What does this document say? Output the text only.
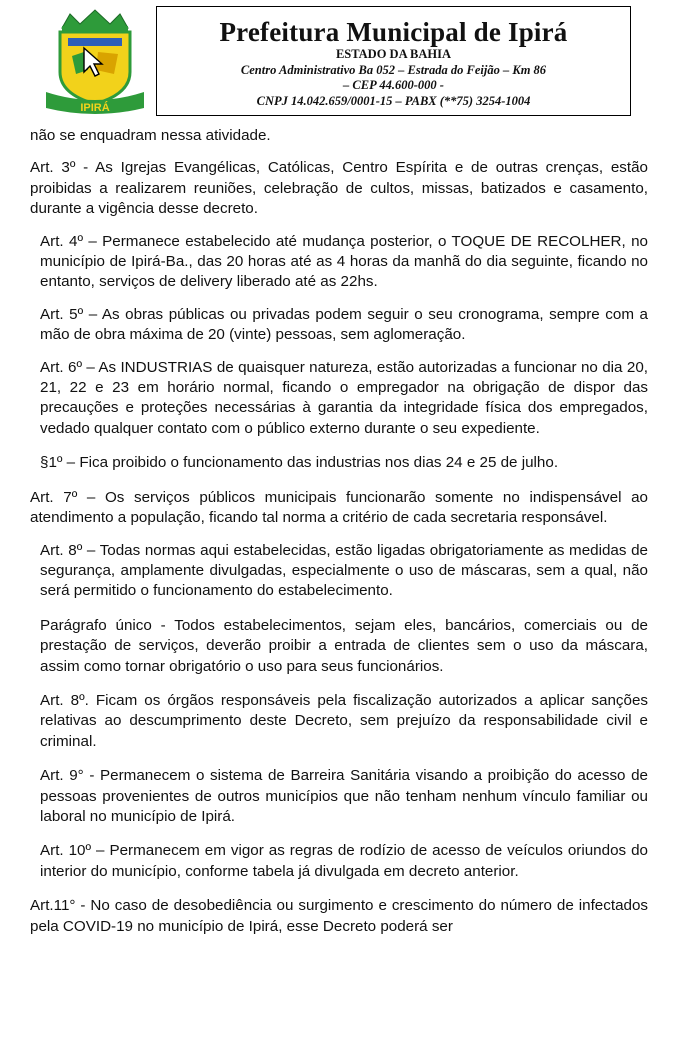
IPIRÁ
Prefeitura Municipal de Ipirá
ESTADO DA BAHIA
Centro Administrativo Ba 052 – Estrada do Feijão – Km 86
– CEP 44.600-000 -
CNPJ 14.042.659/0001-15 – PABX (**75) 3254-1004

não se enquadram nessa atividade.

Art. 3º - As Igrejas Evangélicas, Católicas, Centro Espírita e de outras crenças, estão proibidas a realizarem reuniões, celebração de cultos, missas, batizados e casamento, durante a vigência desse decreto.

Art. 4º – Permanece estabelecido até mudança posterior, o TOQUE DE RECOLHER, no município de Ipirá-Ba., das 20 horas até as 4 horas da manhã do dia seguinte, ficando no entanto, serviços de delivery liberado até as 22hs.

Art. 5º – As obras públicas ou privadas podem seguir o seu cronograma, sempre com a mão de obra máxima de 20 (vinte) pessoas, sem aglomeração.

Art. 6º – As INDUSTRIAS de quaisquer natureza, estão autorizadas a funcionar no dia 20, 21, 22 e 23 em horário normal, ficando o empregador na obrigação de dispor das precauções e proteções necessárias à garantia da integridade física dos empregados, vedado qualquer contato com o público externo durante o seu expediente.

§1º – Fica proibido o funcionamento das industrias nos dias 24 e 25 de julho.

Art. 7º – Os serviços públicos municipais funcionarão somente no indispensável ao atendimento a população, ficando tal norma a critério de cada secretaria responsável.

Art. 8º – Todas normas aqui estabelecidas, estão ligadas obrigatoriamente as medidas de segurança, amplamente divulgadas, especialmente o uso de máscaras, sem a qual, não será permitido o funcionamento do estabelecimento.

Parágrafo único - Todos estabelecimentos, sejam eles, bancários, comerciais ou de prestação de serviços, deverão proibir a entrada de clientes sem o uso da máscara, assim como tornar obrigatório o uso para seus funcionários.

Art. 8º. Ficam os órgãos responsáveis pela fiscalização autorizados a aplicar sanções relativas ao descumprimento deste Decreto, sem prejuízo da responsabilidade civil e criminal.

Art. 9° - Permanecem o sistema de Barreira Sanitária visando a proibição do acesso de pessoas provenientes de outros municípios que não tenham nenhum vínculo familiar ou laboral no município de Ipirá.

Art. 10º – Permanecem em vigor as regras de rodízio de acesso de veículos oriundos do interior do município, conforme tabela já divulgada em decreto anterior.

Art.11° - No caso de desobediência ou surgimento e crescimento do número de infectados pela COVID-19 no município de Ipirá, esse Decreto poderá ser
